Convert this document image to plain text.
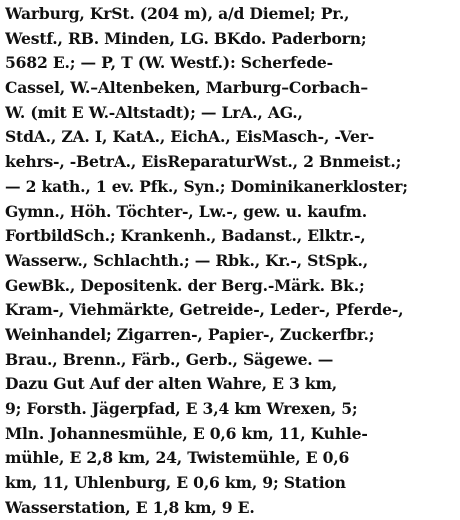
Warburg, KrSt. (204 m), a/d Diemel; Pr.,
Westf., RB. Minden, LG. BKdo. Paderborn;
5682 E.; — P, T (W. Westf.): Scherfede-
Cassel, W.–Altenbeken, Marburg–Corbach–
W. (mit E W.-Altstadt); — LrA., AG.,
StdA., ZA. I, KatA., EichA., EisMasch-, -Ver-
kehrs-, -BetrA., EisReparaturWst., 2 Bnmeist.;
— 2 kath., 1 ev. Pfk., Syn.; Dominikanerkloster;
Gymn., Höh. Töchter-, Lw.-, gew. u. kaufm.
FortbildSch.; Krankenh., Badanst., Elktr.-,
Wasserw., Schlachth.; — Rbk., Kr.-, StSpk.,
GewBk., Depositenk. der Berg.-Märk. Bk.;
Kram-, Viehmärkte, Getreide-, Leder-, Pferde-,
Weinhandel; Zigarren-, Papier-, Zuckerfbr.;
Brau., Brenn., Färb., Gerb., Sägewe. —
Dazu Gut Auf der alten Wahre, E 3 km,
9; Forsth. Jägerpfad, E 3,4 km Wrexen, 5;
Mln. Johannesmühle, E 0,6 km, 11, Kuhle-
mühle, E 2,8 km, 24, Twistemühle, E 0,6
km, 11, Uhlenburg, E 0,6 km, 9; Station
Wasserstation, E 1,8 km, 9 E.
